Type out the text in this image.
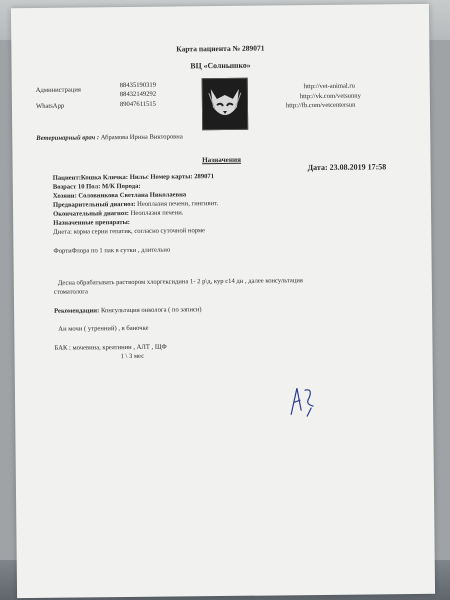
Карта пациента № 289071
ВЦ «Солнышко»
Администрация
88435190319
88432149292
WhatsApp	89047611515
http://vet-animal.ru
http://vk.com/vetsunny
http://fb.com/vetcentersun
Ветеринарный врач : Абрамова Ирина Викторовна
Назначения
Дата: 23.08.2019 17:58
Пациент:Кошка Кличка: Нильс Номер карты: 289071
Возраст 10 Пол: М/К Порода:
Хозяин: Соловникова Светлана Николаевна
Предварительный диагноз: Неоплазия печени, гингивит.
Окончательный диагноз: Неоплазия печени.
Назначенные препараты:
Диета: корма серии гепатик, согласно суточной норме
ФортиФлора по 1 пак в сутки , длительно
Десна обрабатывать раствором хлоргексидина 1- 2 р\д, кур с14 дн , далее консультация
стоматолога
Рекомендации: Консультация онколога ( по записи)
Ан мочи ( утренний) , в баночке
БАК : мочевина, креатинин , АЛТ , ЩФ
1 \ 3 мес
